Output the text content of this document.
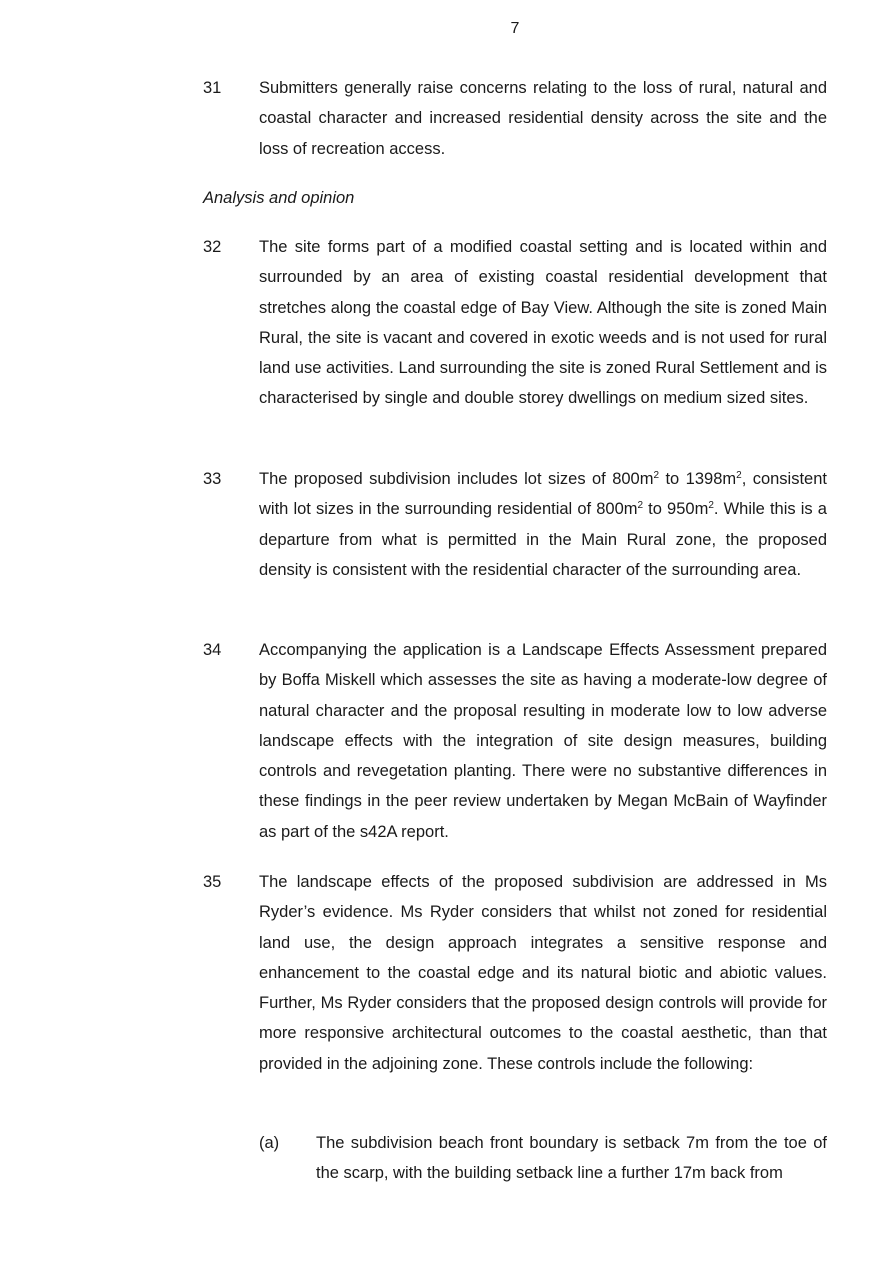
7
31 Submitters generally raise concerns relating to the loss of rural, natural and coastal character and increased residential density across the site and the loss of recreation access.
Analysis and opinion
32 The site forms part of a modified coastal setting and is located within and surrounded by an area of existing coastal residential development that stretches along the coastal edge of Bay View. Although the site is zoned Main Rural, the site is vacant and covered in exotic weeds and is not used for rural land use activities. Land surrounding the site is zoned Rural Settlement and is characterised by single and double storey dwellings on medium sized sites.
33 The proposed subdivision includes lot sizes of $800m^2$ to $1398m^2$, consistent with lot sizes in the surrounding residential of $800m^2$ to $950m^2$. While this is a departure from what is permitted in the Main Rural zone, the proposed density is consistent with the residential character of the surrounding area.
34 Accompanying the application is a Landscape Effects Assessment prepared by Boffa Miskell which assesses the site as having a moderate-low degree of natural character and the proposal resulting in moderate low to low adverse landscape effects with the integration of site design measures, building controls and revegetation planting. There were no substantive differences in these findings in the peer review undertaken by Megan McBain of Wayfinder as part of the s42A report.
35 The landscape effects of the proposed subdivision are addressed in Ms Ryder’s evidence. Ms Ryder considers that whilst not zoned for residential land use, the design approach integrates a sensitive response and enhancement to the coastal edge and its natural biotic and abiotic values. Further, Ms Ryder considers that the proposed design controls will provide for more responsive architectural outcomes to the coastal aesthetic, than that provided in the adjoining zone. These controls include the following:
(a) The subdivision beach front boundary is setback 7m from the toe of the scarp, with the building setback line a further 17m back from
